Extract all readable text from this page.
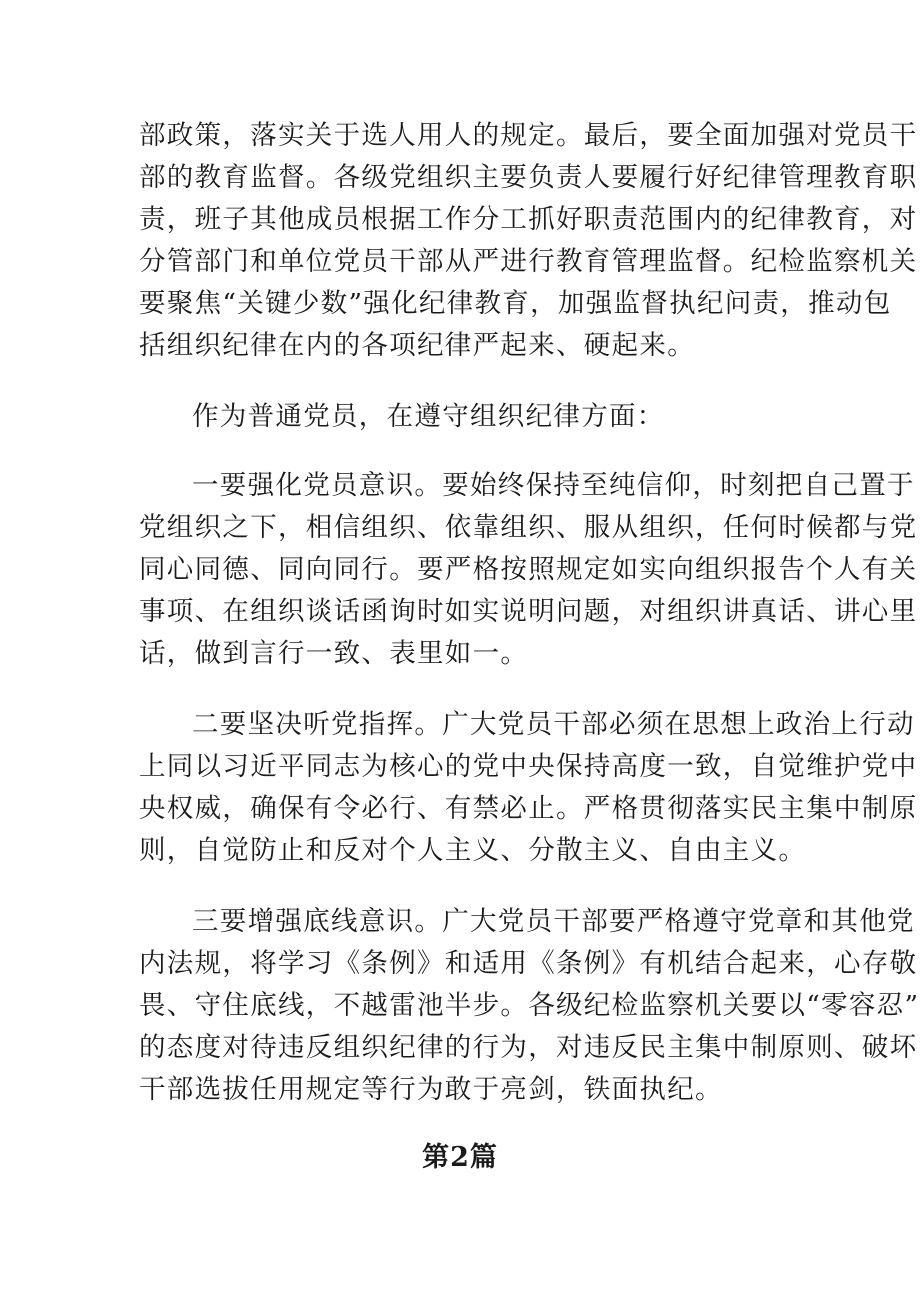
部政策，落实关于选人用人的规定。最后，要全面加强对党员干
部的教育监督。各级党组织主要负责人要履行好纪律管理教育职
责，班子其他成员根据工作分工抓好职责范围内的纪律教育，对
分管部门和单位党员干部从严进行教育管理监督。纪检监察机关
要聚焦“关键少数”强化纪律教育，加强监督执纪问责，推动包
括组织纪律在内的各项纪律严起来、硬起来。
作为普通党员，在遵守组织纪律方面：
一要强化党员意识。要始终保持至纯信仰，时刻把自己置于
党组织之下，相信组织、依靠组织、服从组织，任何时候都与党
同心同德、同向同行。要严格按照规定如实向组织报告个人有关
事项、在组织谈话函询时如实说明问题，对组织讲真话、讲心里
话，做到言行一致、表里如一。
二要坚决听党指挥。广大党员干部必须在思想上政治上行动
上同以习近平同志为核心的党中央保持高度一致，自觉维护党中
央权威，确保有令必行、有禁必止。严格贯彻落实民主集中制原
则，自觉防止和反对个人主义、分散主义、自由主义。
三要增强底线意识。广大党员干部要严格遵守党章和其他党
内法规，将学习《条例》和适用《条例》有机结合起来，心存敬
畏、守住底线，不越雷池半步。各级纪检监察机关要以“零容忍”
的态度对待违反组织纪律的行为，对违反民主集中制原则、破坏
干部选拔任用规定等行为敢于亮剑，铁面执纪。
第2篇
